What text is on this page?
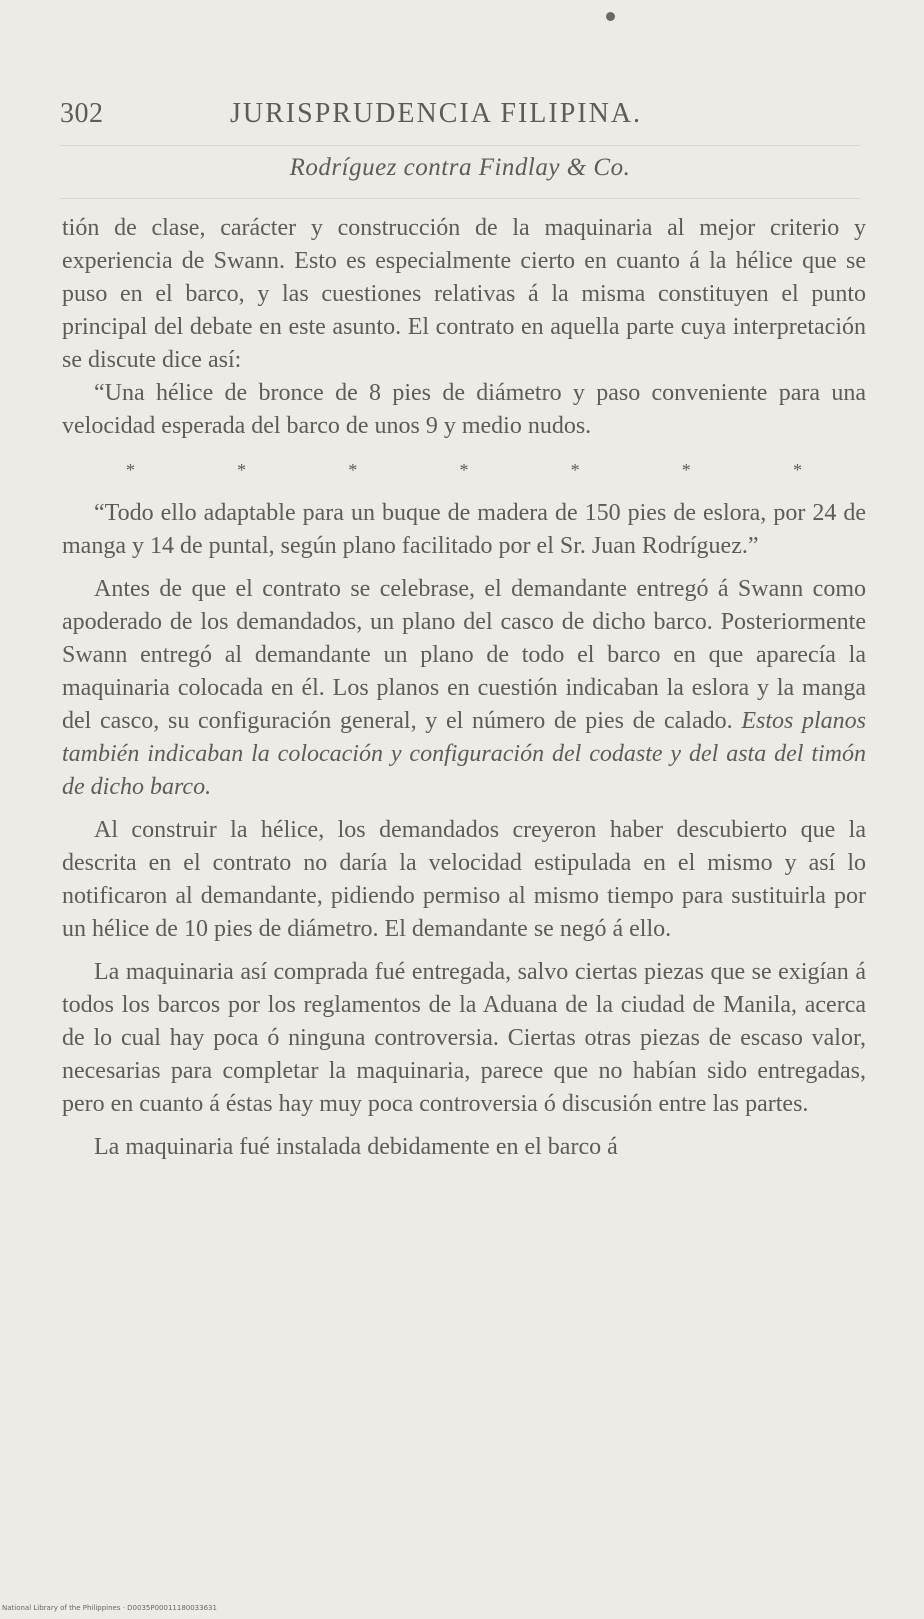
302	JURISPRUDENCIA FILIPINA.
Rodríguez contra Findlay & Co.

tión de clase, carácter y construcción de la maquinaria al mejor criterio y experiencia de Swann. Esto es especialmente cierto en cuanto á la hélice que se puso en el barco, y las cuestiones relativas á la misma constituyen el punto principal del debate en este asunto. El contrato en aquella parte cuya interpretación se discute dice así:

“Una hélice de bronce de 8 pies de diámetro y paso conveniente para una velocidad esperada del barco de unos 9 y medio nudos.

*	*	*	*	*	*	*

“Todo ello adaptable para un buque de madera de 150 pies de eslora, por 24 de manga y 14 de puntal, según plano facilitado por el Sr. Juan Rodríguez.”

Antes de que el contrato se celebrase, el demandante entregó á Swann como apoderado de los demandados, un plano del casco de dicho barco. Posteriormente Swann entregó al demandante un plano de todo el barco en que aparecía la maquinaria colocada en él. Los planos en cuestión indicaban la eslora y la manga del casco, su configuración general, y el número de pies de calado. Estos planos también indicaban la colocación y configuración del codaste y del asta del timón de dicho barco.

Al construir la hélice, los demandados creyeron haber descubierto que la descrita en el contrato no daría la velocidad estipulada en el mismo y así lo notificaron al demandante, pidiendo permiso al mismo tiempo para sustituirla por un hélice de 10 pies de diámetro. El demandante se negó á ello.

La maquinaria así comprada fué entregada, salvo ciertas piezas que se exigían á todos los barcos por los reglamentos de la Aduana de la ciudad de Manila, acerca de lo cual hay poca ó ninguna controversia. Ciertas otras piezas de escaso valor, necesarias para completar la maquinaria, parece que no habían sido entregadas, pero en cuanto á éstas hay muy poca controversia ó discusión entre las partes.

La maquinaria fué instalada debidamente en el barco á

National Library of the Philippines · D0035P00011180033631
